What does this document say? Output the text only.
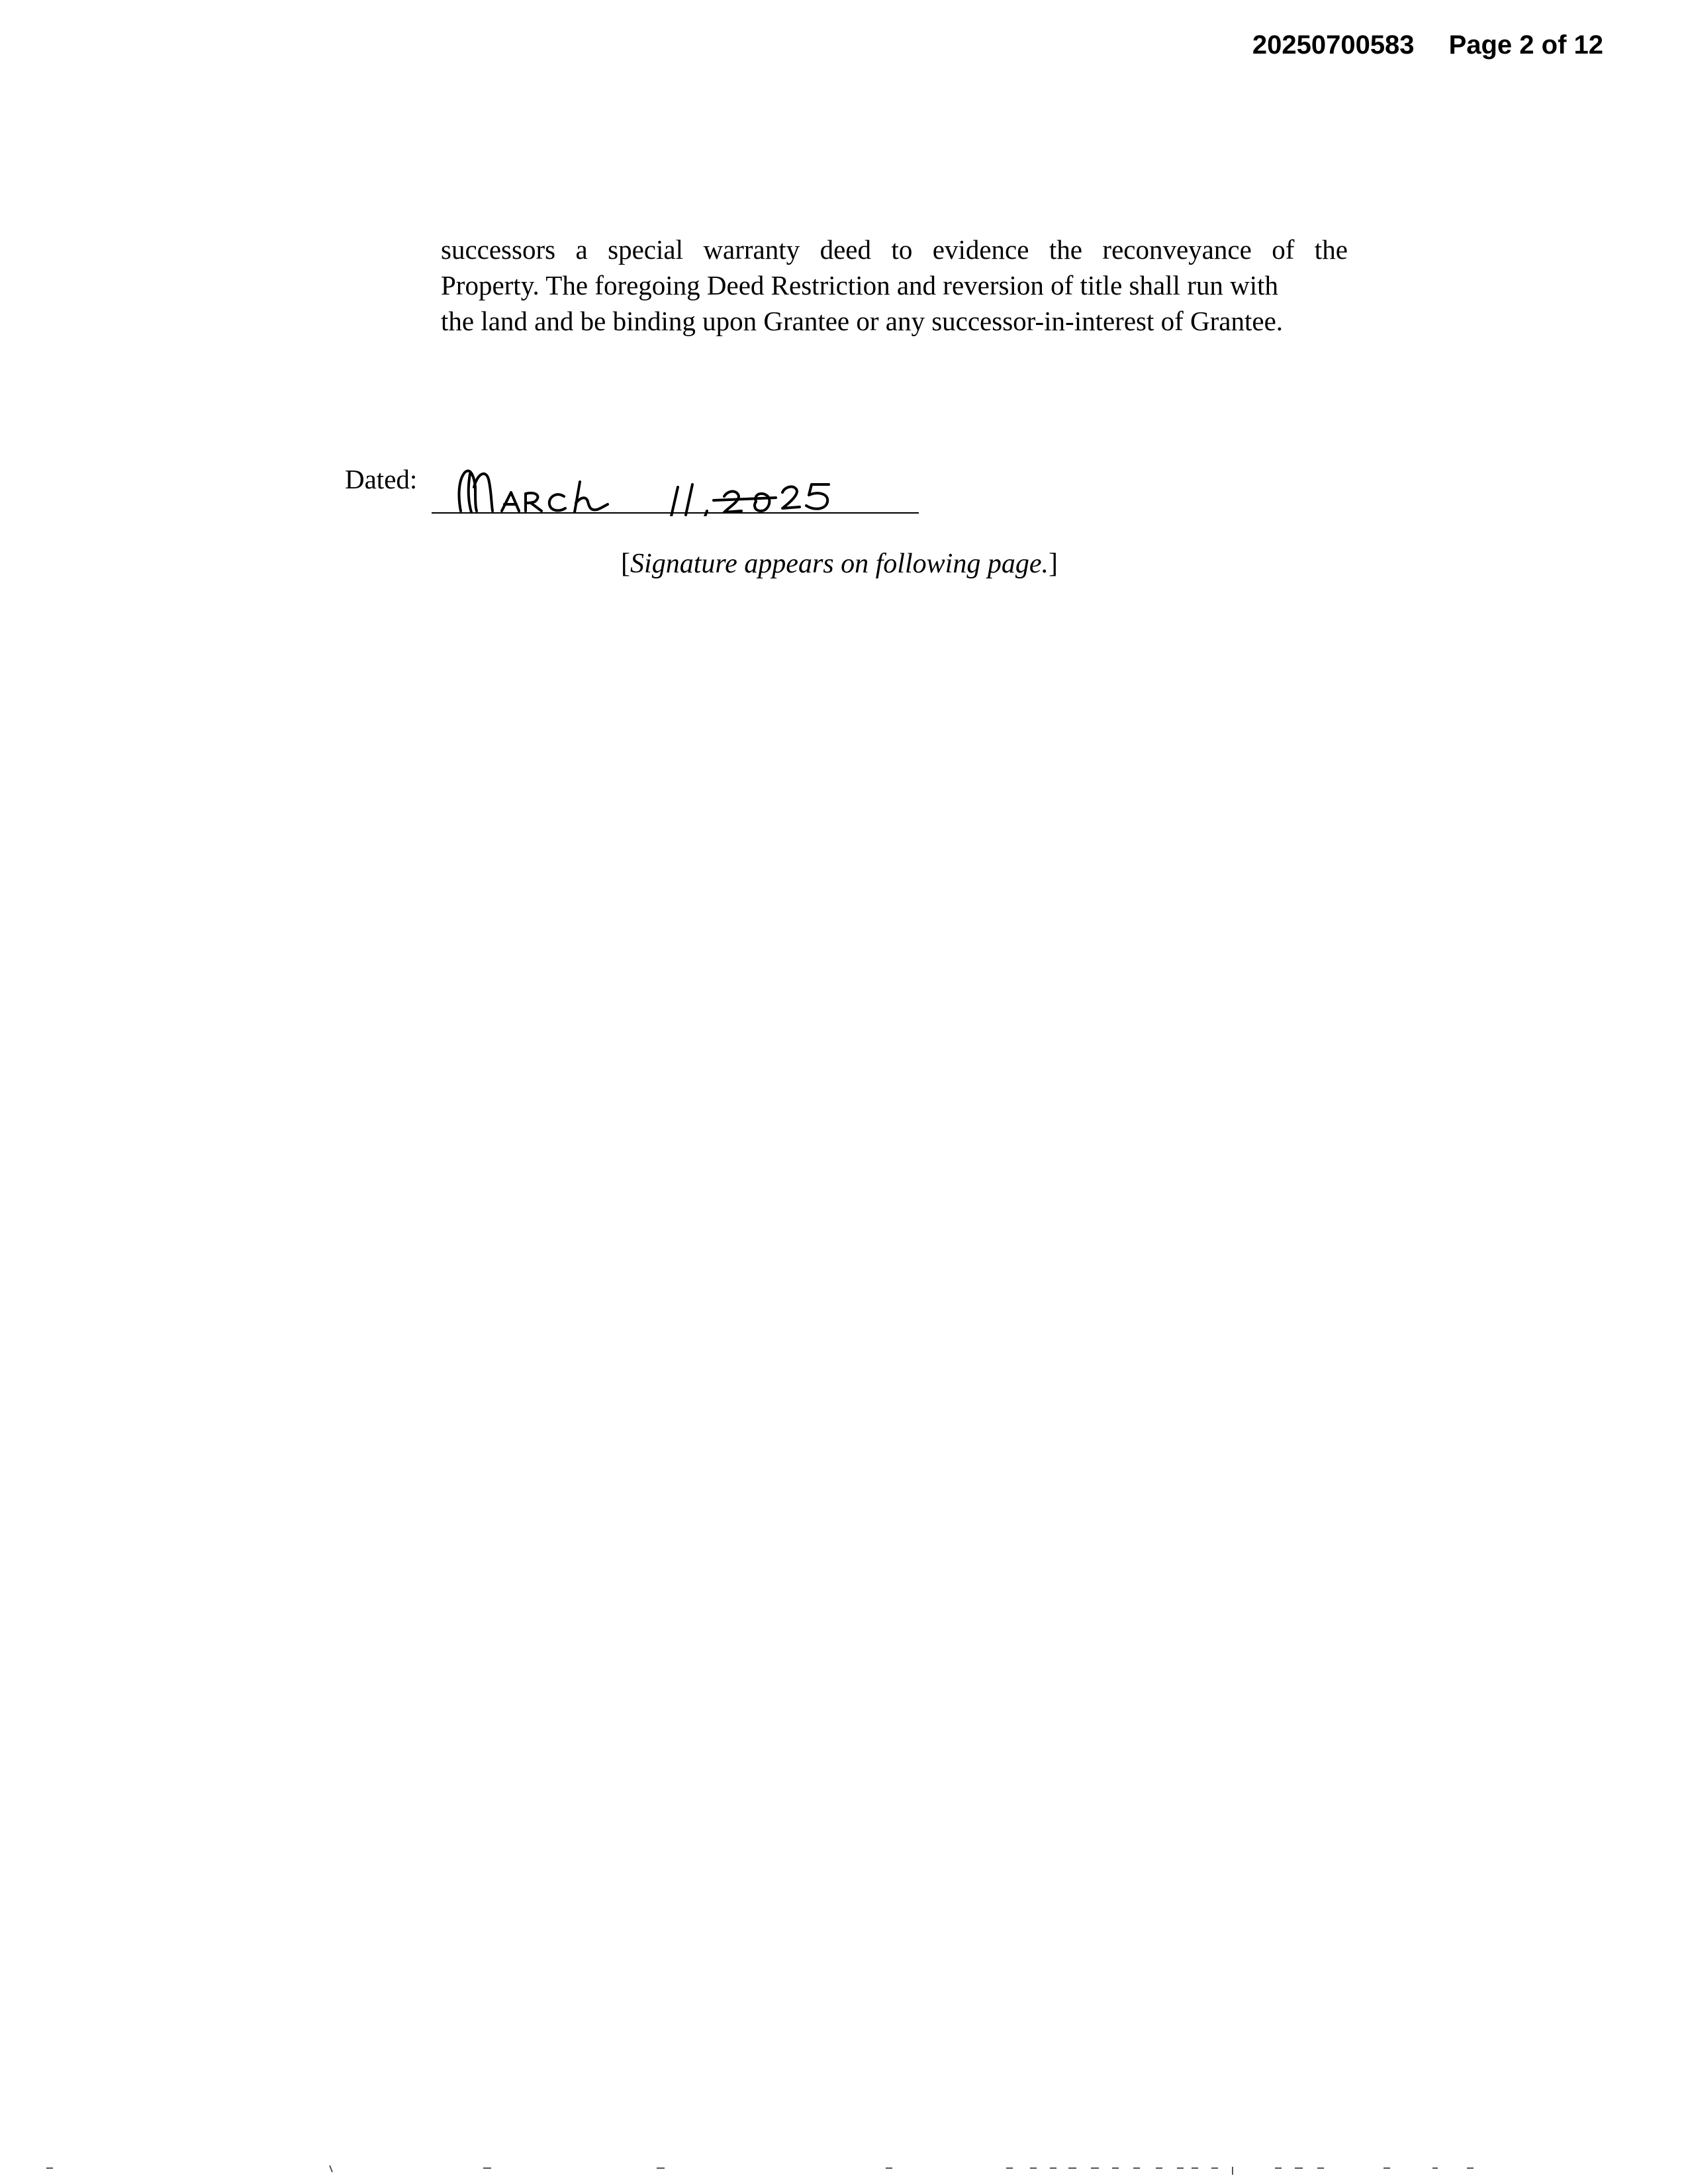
20250700583 Page 2 of 12
successors a special warranty deed to evidence the reconveyance of the
Property. The foregoing Deed Restriction and reversion of title shall run with
the land and be binding upon Grantee or any successor-in-interest of Grantee.
Dated:
[Signature appears on following page.]
